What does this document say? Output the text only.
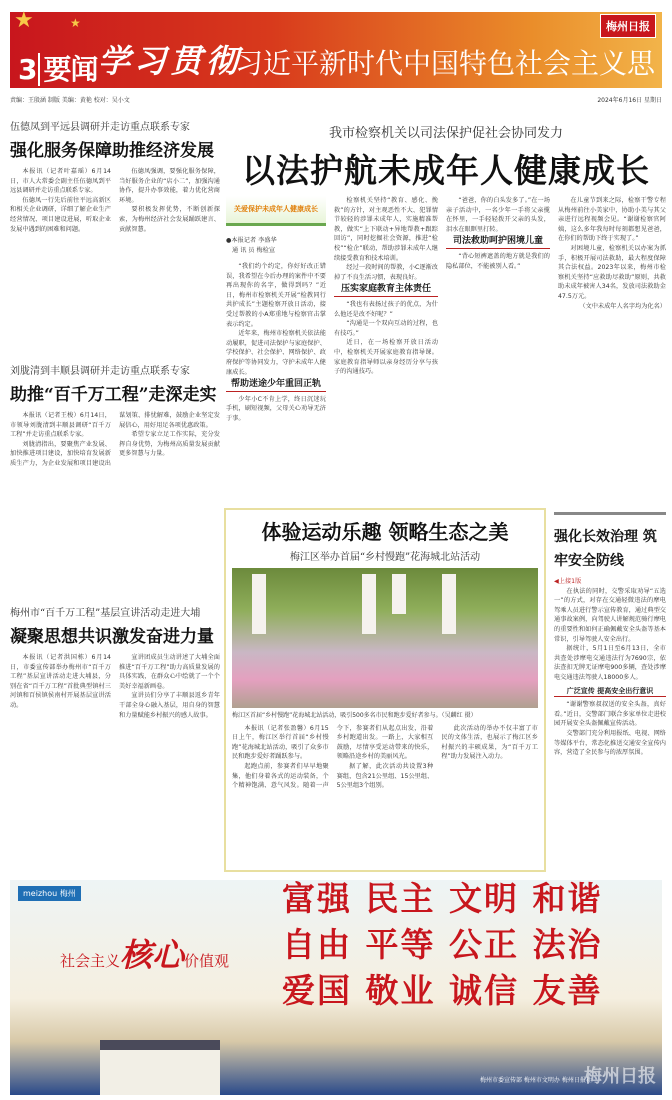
★	★
3 要闻 学习贯彻
习近平新时代中国特色社会主义思想
梅州日报
责编：王殷涵 制版 美编：黄艳 校对：吴小文	2024年6月16日 星期日
伍德凤到平远县调研并走访重点联系专家
强化服务保障助推经济发展

本报讯（记者叶嘉瑶）6月14日，市人大常委会副主任伍德凤到平远县调研并走访重点联系专家。

伍德凤一行先后前往平远高新区和相关企业调研，详细了解企业生产经营情况、项目建设进展，听取企业发展中遇到的困难和问题。

伍德凤强调，要强化服务保障，当好服务企业的“店小二”，加强沟通协作，提升办事效能，着力优化营商环境。

要积极发挥优势，不断创新探索，为梅州经济社会发展踊跃建言、贡献智慧。

刘胧清到丰顺县调研并走访重点联系专家
助推“百千万工程”走深走实

本报讯（记者王梭）6月14日，市领导刘胧清到丰顺县调研“百千万工程”并走访重点联系专家。

刘胧清指出，要聚焦产业发展、加快推进项目建设，加快培育发展新质生产力，为企业发展和项目建设出谋划策、排忧解难，鼓励企业坚定发展信心，用好用足各项优惠政策。

希望专家立足工作实际，充分发挥自身优势，为梅州高质量发展贡献更多智慧与力量。

梅州市“百千万工程”基层宣讲活动走进大埔
凝聚思想共识激发奋进力量

本报讯（记者洪国栋）6月14日，市委宣传部举办梅州市“百千万工程”基层宣讲活动走进大埔县，分别在省“百千万工程”首批典型镇村三河镇和百侯镇侯南村开展基层宣讲活动。

宣讲团成员生动讲述了大埔全面推进“百千万工程”助力高质量发展的具体实践，在群众心中绘就了一个个美好幸福新画卷。

宣讲员们分享了丰顺县返乡青年干部全身心融入基层，用自身的智慧和力量赋能乡村振兴的感人故事。

我市检察机关以司法保护促社会协同发力
以法护航未成年人健康成长
关爱保护未成年人健康成长
●本报记者 李盛华
通 讯 员 梅检宣

“我们约个约定，你好好改正错误，我希望在今后办理的案件中不要再出现你的名字，做得到吗？”近日，梅州市检察机关开展“检教同行 共护成长”主题检察开放日活动，接受过帮教的小A郑重地与检察官击掌表示约定。

近年来，梅州市检察机关依法能动履职，促进司法保护与家庭保护、学校保护、社会保护、网络保护、政府保护等协同发力，守护未成年人健康成长。

帮助迷途少年重回正轨

少年小C不肯上学，终日沉迷玩手机，刷短视频，父母关心劝导无济于事。

检察机关坚持“教育、感化、挽救”的方针，对主观恶性不大、犯罪情节较轻的涉罪未成年人，实施精准帮教，做实“上下联动+异地帮教+跟踪回访”，同时挖掘社会资源，推进“检校”“检企”联动，帮助涉罪未成年人继续接受教育和技术培训。

经过一段时间的帮教，小C逐渐改掉了不良生活习惯，表现良好。

压实家庭教育主体责任

“我也有表扬过孩子的优点，为什么他还是改不好呢？”

“沟通是一个双向互动的过程，也有技巧。”

近日，在一场检察开放日活动中，检察机关开展家庭教育指导课。家庭教育指导师以亲身经历分享与孩子的沟通技巧。

“爸爸，你的白头发多了。”在一场亲子活动中，一名少年一手将父亲揽在怀里，一手轻轻拨开父亲的头发，泪水在眼眶里打转。

司法救助呵护困境儿童

“背心短裤遮盖的地方就是我们的隐私部位，不能被别人看。”

在儿童节到来之际，检察干警专程从梅州前往小美家中，协助小美与其父亲进行远程视频会见。“谢谢检察官阿姨，这么多年我每时每刻都想见爸爸，在你们的帮助下终于实现了。”

对困境儿童，检察机关以办案为抓手，积极开展司法救助，最大程度保障其合法权益。2023年以来，梅州市检察机关坚持“应救助尽救助”原则，共救助未成年被害人34名，发放司法救助金47.5万元。

（文中未成年人名字均为化名）
体验运动乐趣 领略生态之美
梅江区举办首届“乡村慢跑”花海城北站活动
梅江区首届“乡村慢跑”花海城北站活动，吸引500多名市民和跑步爱好者参与。（吴麟红 摄）

本报讯（记者张盈馨）6月15日上午，梅江区举行首届“乡村慢跑”花海城北站活动，吸引了众多市民和跑步爱好者踊跃参与。

起跑点前，参赛者们早早地聚集，他们身着各式的运动装备，个个精神饱满、意气风发。随着一声令下，参赛者们从起点出发，沿着乡村跑道出发。一路上，大家相互鼓励，尽情享受运动带来的快乐，领略沿途乡村的美丽风光。

据了解，此次活动共设置3种赛组，包含21公里组、15公里组、5公里组3个组别。

此次活动的举办不仅丰富了市民的文体生活，也展示了梅江区乡村振兴的丰硕成果，为“百千万工程”助力发展注入动力。

强化长效治理 筑牢安全防线
◀上接1版

在执法的同时，交警采取劝导“五选一”的方式，对存在交通轻微违法的摩电驾乘人员进行警示宣传教育，通过典型交通事故案例，向驾驶人讲解规范骑行摩电的重要性和如何正确佩戴安全头盔等基本常识，引导驾驶人安全出行。

据统计，5月1日至6月13日，全市共查处涉摩电交通违法行为7690宗，依法查扣无牌无证摩电900多辆，查处涉摩电交通违法驾驶人18000多人。

广泛宣传 提高安全出行意识

“谢谢警察叔叔送的安全头盔，真好看。”近日，交警部门联合多家单位走进校园开展安全头盔佩戴宣传活动。

交警部门充分利用报纸、电视、网络等媒体平台，常态化推送交通安全宣传内容，营造了全民参与的浓厚氛围。

meizhou 梅州
社会主义核心价值观
富强 民主 文明 和谐
自由 平等 公正 法治
爱国 敬业 诚信 友善
梅州市委宣传部 梅州市文明办 梅州日报社
梅州日报
